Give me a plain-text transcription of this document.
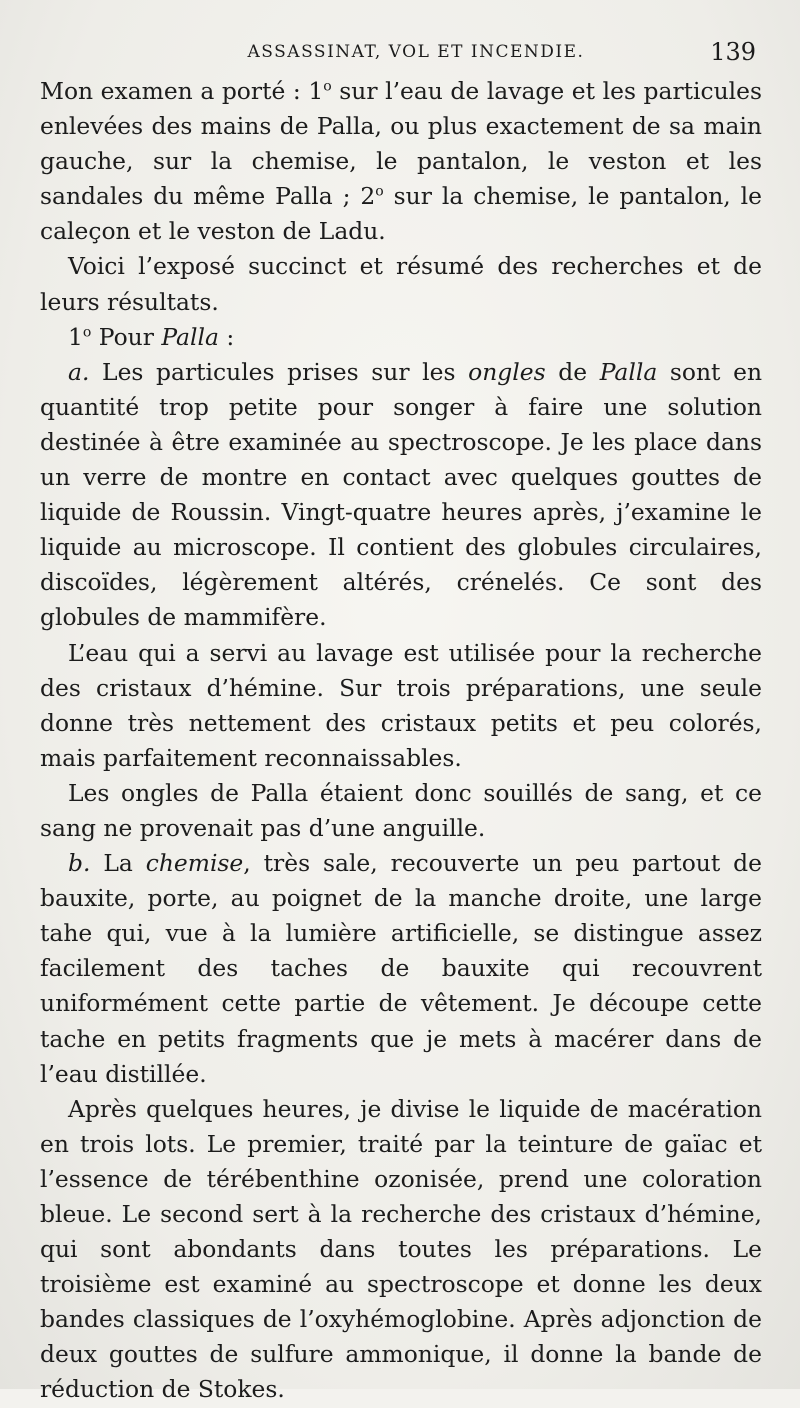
ASSASSINAT, VOL ET INCENDIE.	139

Mon examen a porté : 1$^o$ sur l’eau de lavage et les particules enlevées des mains de Palla, ou plus exactement de sa main gauche, sur la chemise, le pantalon, le veston et les sandales du même Palla ; 2$^o$ sur la chemise, le pantalon, le caleçon et le veston de Ladu.

Voici l’exposé succinct et résumé des recherches et de leurs résultats.

1$^o$ Pour Palla :

a. Les particules prises sur les ongles de Palla sont en quantité trop petite pour songer à faire une solution destinée à être examinée au spectroscope. Je les place dans un verre de montre en contact avec quelques gouttes de liquide de Roussin. Vingt-quatre heures après, j’examine le liquide au microscope. Il contient des globules circulaires, discoïdes, légèrement altérés, crénelés. Ce sont des globules de mammifère.

L’eau qui a servi au lavage est utilisée pour la recherche des cristaux d’hémine. Sur trois préparations, une seule donne très nettement des cristaux petits et peu colorés, mais parfaitement reconnaissables.

Les ongles de Palla étaient donc souillés de sang, et ce sang ne provenait pas d’une anguille.

b. La chemise, très sale, recouverte un peu partout de bauxite, porte, au poignet de la manche droite, une large tahe qui, vue à la lumière artificielle, se distingue assez facilement des taches de bauxite qui recouvrent uniformément cette partie de vêtement. Je découpe cette tache en petits fragments que je mets à macérer dans de l’eau distillée.

Après quelques heures, je divise le liquide de macération en trois lots. Le premier, traité par la teinture de gaïac et l’essence de térébenthine ozonisée, prend une coloration bleue. Le second sert à la recherche des cristaux d’hémine, qui sont abondants dans toutes les préparations. Le troisième est examiné au spectroscope et donne les deux bandes classiques de l’oxyhémoglobine. Après adjonction de deux gouttes de sulfure ammonique, il donne la bande de réduction de Stokes.
